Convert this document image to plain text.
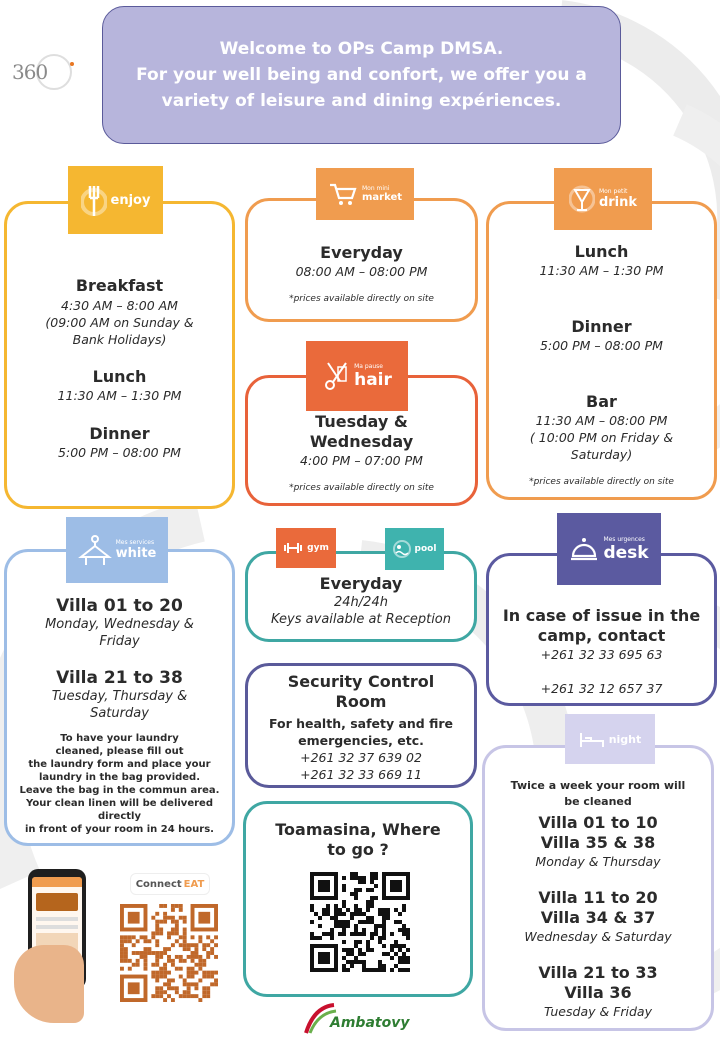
360
Welcome to OPs Camp DMSA.
For your well being and confort, we offer you a
variety of leisure and dining expériences.
Breakfast
4:30 AM – 8:00 AM
(09:00 AM on Sunday &
Bank Holidays)
Lunch
11:30 AM – 1:30 PM
Dinner
5:00 PM – 08:00 PM
enjoy
Everyday
08:00 AM – 08:00 PM
*prices available directly on site
Mon mini
market
Tuesday &
Wednesday
4:00 PM – 07:00 PM
*prices available directly on site
Ma pause
hair
Lunch
11:30 AM – 1:30 PM
Dinner
5:00 PM – 08:00 PM
Bar
11:30 AM – 08:00 PM
( 10:00 PM on Friday &
Saturday)
*prices available directly on site
Mon petit
drink
Villa 01 to 20
Monday, Wednesday &
Friday
Villa 21 to 38
Tuesday, Thursday &
Saturday
To have your laundry
cleaned, please fill out
the laundry form and place your
laundry in the bag provided.
Leave the bag in the commun area.
Your clean linen will be delivered
directly
in front of your room in 24 hours.
Mes services
white
Everyday
24h/24h
Keys available at Reception
gym	pool
Security Control
Room
For health, safety and fire
emergencies, etc.
+261 32 37 639 02
+261 32 33 669 11
In case of issue in the
camp, contact
+261 32 33 695 63
+261 32 12 657 37
Mes urgences
desk
Twice a week your room will
be cleaned
Villa 01 to 10
Villa 35 & 38
Monday & Thursday
Villa 11 to 20
Villa 34 & 37
Wednesday & Saturday
Villa 21 to 33
Villa 36
Tuesday & Friday
night
Toamasina, Where
to go ?
Ambatovy
Connect EAT
